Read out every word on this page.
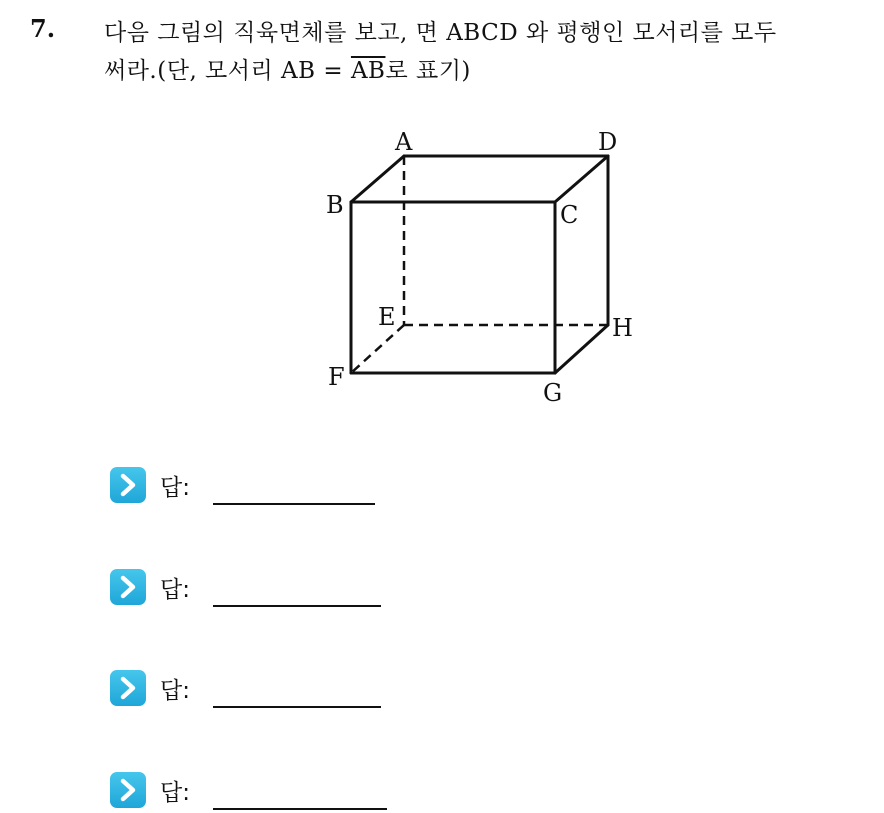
7. 다음 그림의 직육면체를 보고, 면 ABCD 와 평행인 모서리를 모두
써라.(단, 모서리 AB = $\overline{AB}$로 표기)
A	D
B	C
E	H
F
G
답:
답:
답:
답:
